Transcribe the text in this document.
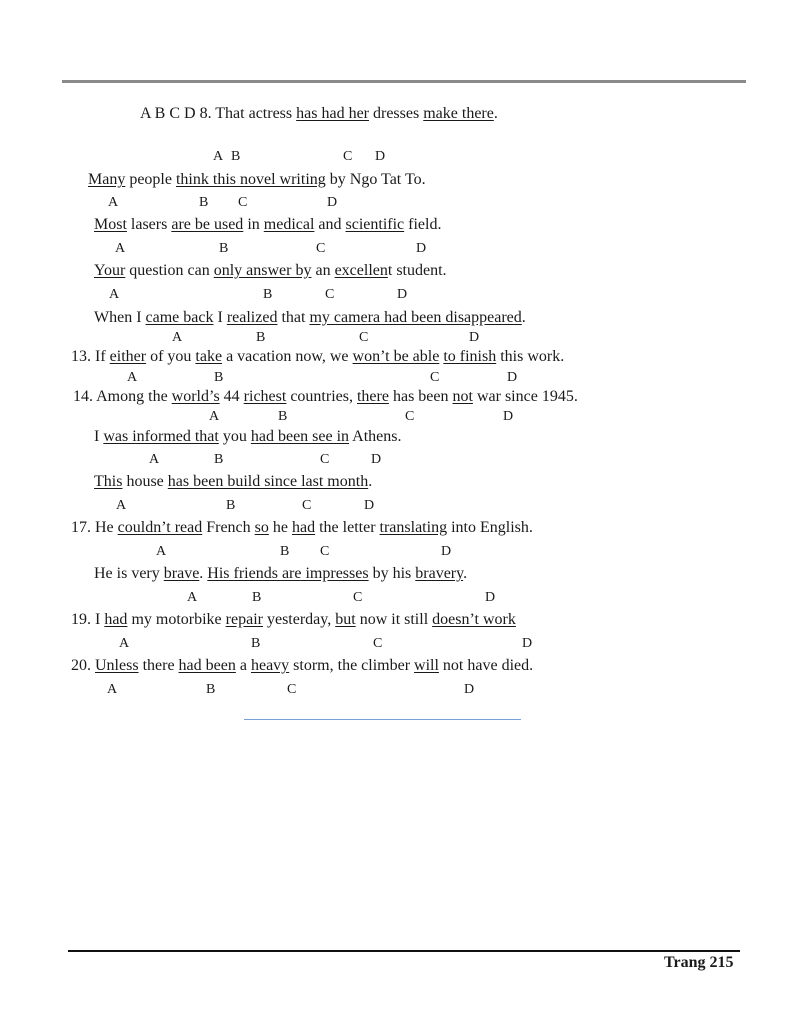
A B C D 8. That actress has had her dresses make there.
A B	C D
Many people think this novel writing by Ngo Tat To.
A	B C	D
Most lasers are be used in medical and scientific field.
A	B	C	D
Your question can only answer by an excellent student.
A	B	C	D
When I came back I realized that my camera had been disappeared.
A	B	C	D
13. If either of you take a vacation now, we won’t be able to finish this work.
A	B	C	D
14. Among the world’s 44 richest countries, there has been not war since 1945.
A	B	C	D
I was informed that you had been see in Athens.
A	B	C	D
This house has been build since last month.
A	B	C	D
17. He couldn’t read French so he had the letter translating into English.
A	B C	D
He is very brave. His friends are impresses by his bravery.
A	B	C	D
19. I had my motorbike repair yesterday, but now it still doesn’t work
A	B	C	D
20. Unless there had been a heavy storm, the climber will not have died.
A	B	C	D
Trang 215
